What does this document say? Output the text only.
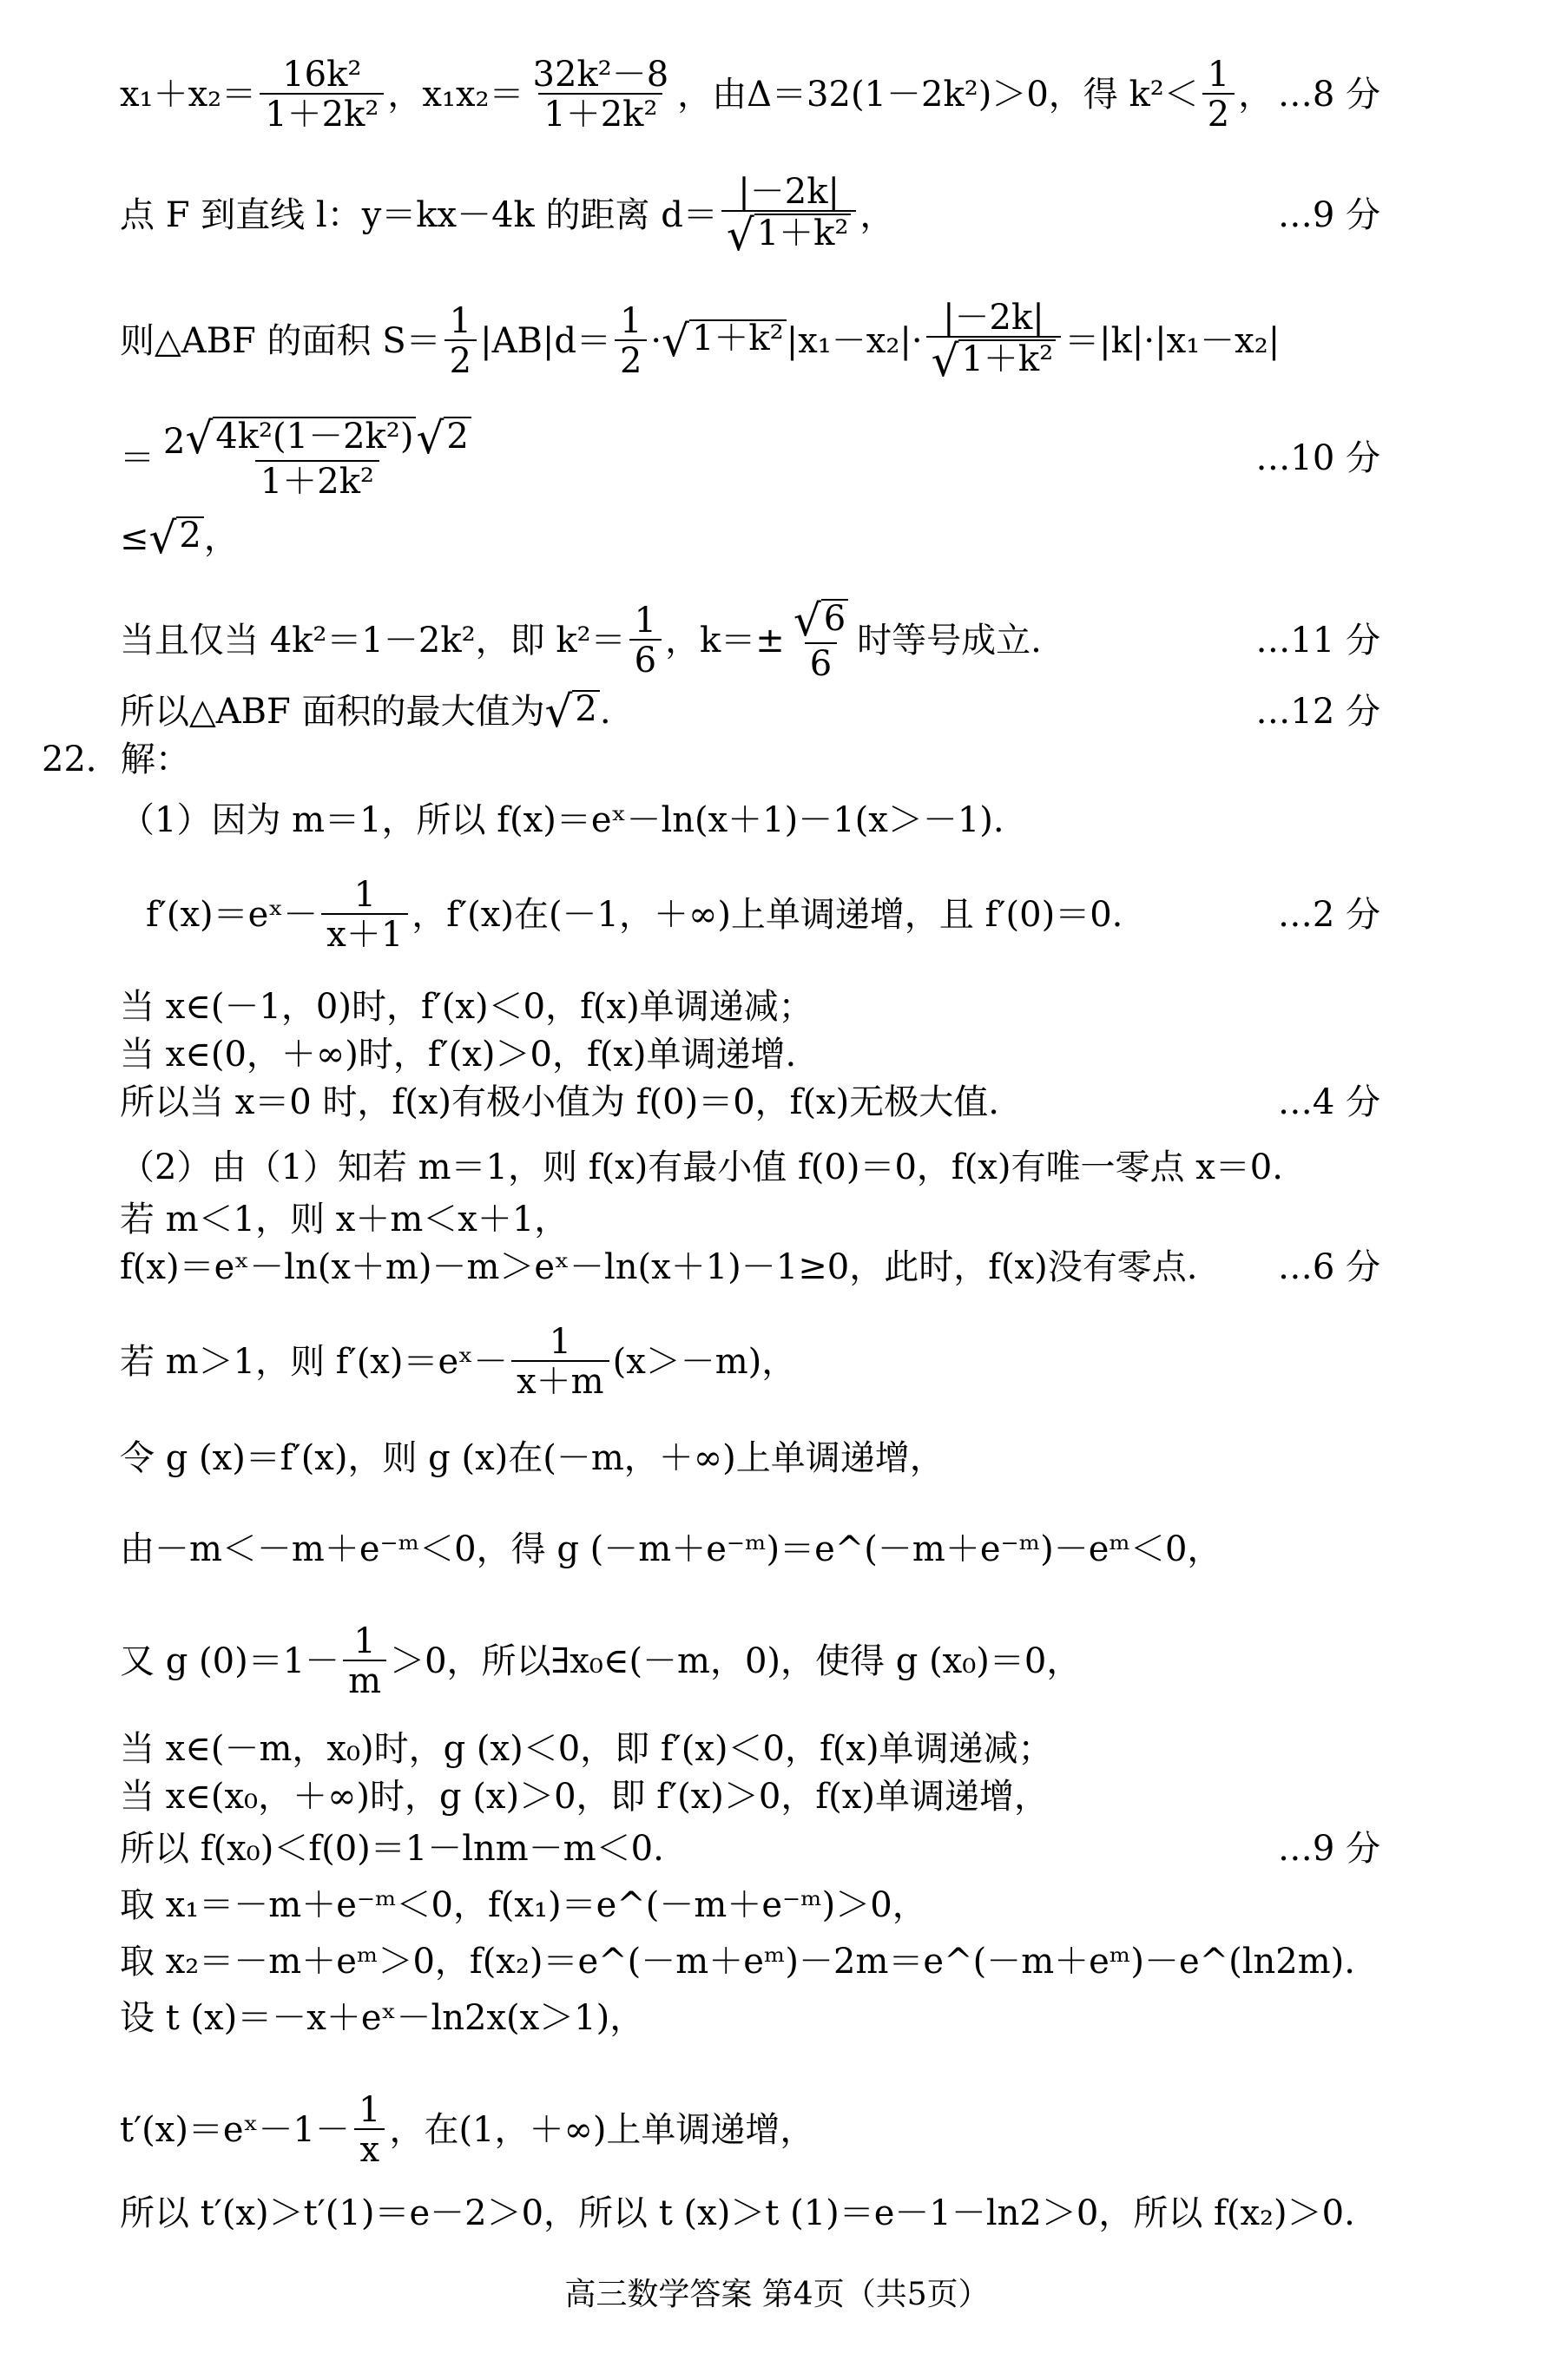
$x_1+x_2= \frac{\text{16k²}}{\text{1＋2k²}}$ ，$x_1x_2= \frac{\text{32k²－8}}{\text{1＋2k²}}$ ，由Δ＝32(1－2k²)＞0，得 $k^2< \frac{1}{2}$ ， …8 分
点 F 到直线 l：y＝kx－4k 的距离 $d= \frac{|-2k|}{\text{√ 1＋k²}}$ ，	…9 分
则△ABF 的面积 $S= \frac{1}{2} |AB|d= \frac{1}{2}$ · √ 1＋k² $|x_1-x_2|\cdot \frac{|-2k|}{\text{√ 1＋k²}} =|k|\cdot|x_1-x_2|$
＝ $\frac{\text{2 √ 4k²(1－2k²) √ 2}}{\text{1＋2k²}}$	…10 分
≤ √ 2 ，
当且仅当 4k²＝1－2k²，即 $k^2= \frac{1}{6}$ ，$k=\pm \frac{√ 6}{6}$ 时等号成立.	…11 分
所以△ABF 面积的最大值为 √ 2 .	…12 分
22．解：
（1）因为 m＝1，所以 f(x)＝eˣ－ln(x＋1)－1(x＞－1).
f′(x)＝eˣ－ $\frac{1}{x+1}$ ，f′(x)在(－1，＋∞)上单调递增，且 f′(0)＝0.	…2 分
当 x∈(－1，0)时，f′(x)＜0，f(x)单调递减；
当 x∈(0，＋∞)时，f′(x)＞0，f(x)单调递增.
所以当 x＝0 时，f(x)有极小值为 f(0)＝0，f(x)无极大值.	…4 分
（2）由（1）知若 m＝1，则 f(x)有最小值 f(0)＝0，f(x)有唯一零点 x＝0.
若 m＜1，则 x＋m＜x＋1，
f(x)＝eˣ－ln(x＋m)－m＞eˣ－ln(x＋1)－1≥0，此时，f(x)没有零点. …6 分
若 m＞1，则 f′(x)＝eˣ－ $\frac{1}{x+m} (x>-m)$，
令 g (x)＝f′(x)，则 g (x)在(－m，＋∞)上单调递增，
由－m＜－m＋e⁻ᵐ＜0，得 g (－m＋e⁻ᵐ)＝e^(－m＋e⁻ᵐ)－eᵐ＜0，
又 g $(0)=1- \frac{1}{m} >0$，所以∃x₀∈(－m，0)，使得 g (x₀)＝0，
当 x∈(－m，x₀)时，g (x)＜0，即 f′(x)＜0，f(x)单调递减；
当 x∈(x₀，＋∞)时，g (x)＞0，即 f′(x)＞0，f(x)单调递增，
所以 f(x₀)＜f(0)＝1－lnm－m＜0.	…9 分
取 x₁＝－m＋e⁻ᵐ＜0，f(x₁)＝e^(－m＋e⁻ᵐ)＞0，
取 x₂＝－m＋eᵐ＞0，f(x₂)＝e^(－m＋eᵐ)－2m＝e^(－m＋eᵐ)－e^(ln2m).
设 t (x)＝－x＋eˣ－ln2x(x＞1)，
t′(x)＝eˣ－1－ $\frac{1}{x}$ ，在(1，＋∞)上单调递增，
所以 t′(x)＞t′(1)＝e－2＞0，所以 t (x)＞t (1)＝e－1－ln2＞0，所以 f(x₂)＞0.
高三数学答案 第4页（共5页）
